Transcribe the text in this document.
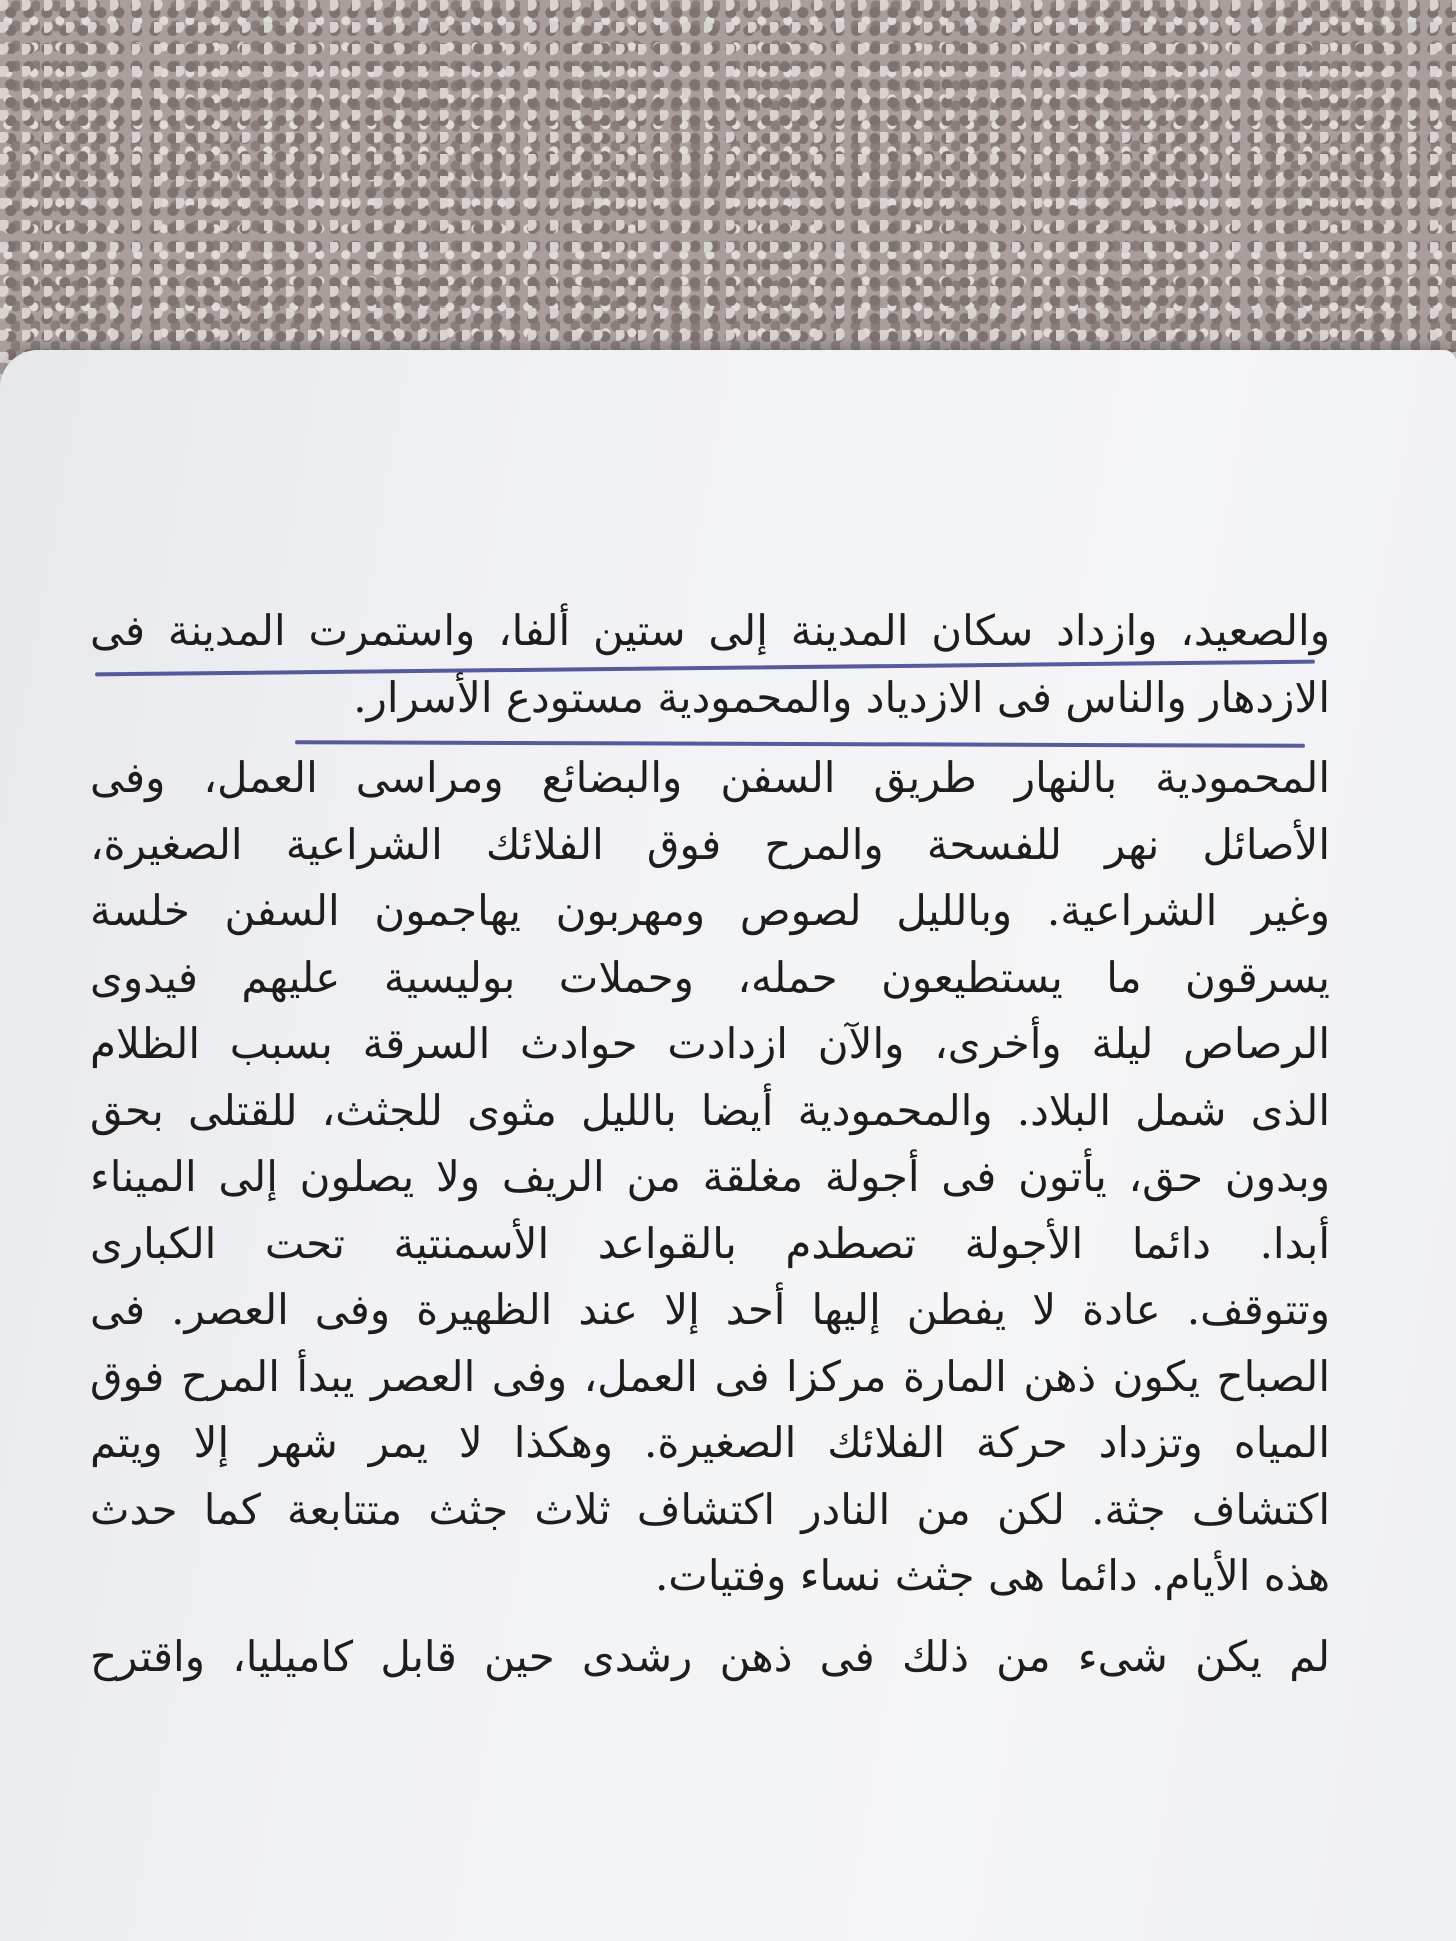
والصعيد، وازداد سكان المدينة إلى ستين ألفا، واستمرت المدينة فى
الازدهار والناس فى الازدياد والمحمودية مستودع الأسرار.
المحمودية بالنهار طريق السفن والبضائع ومراسى العمل، وفى
الأصائل نهر للفسحة والمرح فوق الفلائك الشراعية الصغيرة،
وغير الشراعية. وبالليل لصوص ومهربون يهاجمون السفن خلسة
يسرقون ما يستطيعون حمله، وحملات بوليسية عليهم فيدوى
الرصاص ليلة وأخرى، والآن ازدادت حوادث السرقة بسبب الظلام
الذى شمل البلاد. والمحمودية أيضا بالليل مثوى للجثث، للقتلى بحق
وبدون حق، يأتون فى أجولة مغلقة من الريف ولا يصلون إلى الميناء
أبدا. دائما الأجولة تصطدم بالقواعد الأسمنتية تحت الكبارى
وتتوقف. عادة لا يفطن إليها أحد إلا عند الظهيرة وفى العصر. فى
الصباح يكون ذهن المارة مركزا فى العمل، وفى العصر يبدأ المرح فوق
المياه وتزداد حركة الفلائك الصغيرة. وهكذا لا يمر شهر إلا ويتم
اكتشاف جثة. لكن من النادر اكتشاف ثلاث جثث متتابعة كما حدث
هذه الأيام. دائما هى جثث نساء وفتيات.
لم يكن شىء من ذلك فى ذهن رشدى حين قابل كاميليا، واقترح
